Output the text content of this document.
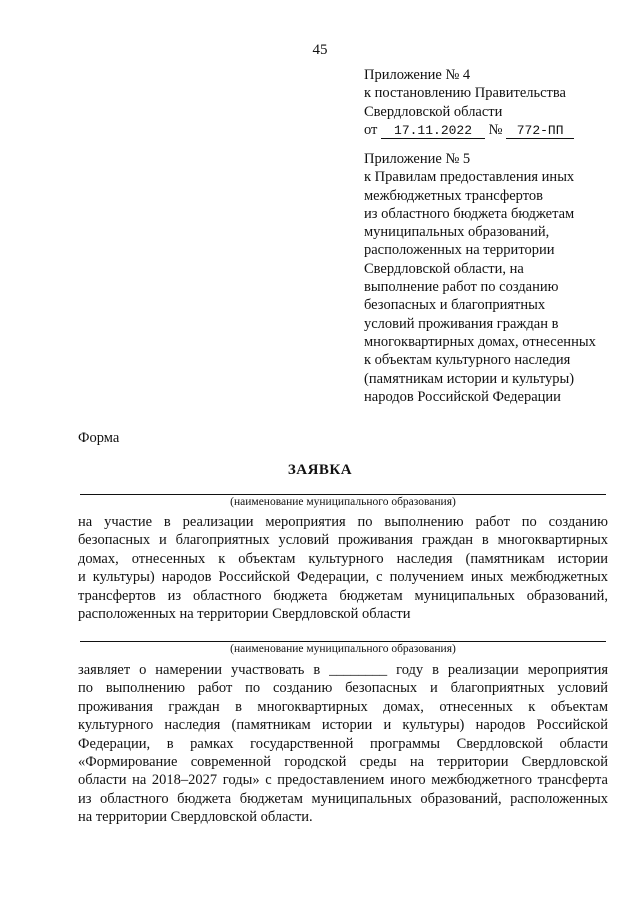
45
Приложение № 4
к постановлению Правительства
Свердловской области
от 17.11.2022 № 772-ПП
Приложение № 5
к Правилам предоставления иных
межбюджетных трансфертов
из областного бюджета бюджетам
муниципальных образований,
расположенных на территории
Свердловской области, на
выполнение работ по созданию
безопасных и благоприятных
условий проживания граждан в
многоквартирных домах, отнесенных
к объектам культурного наследия
(памятникам истории и культуры)
народов Российской Федерации
Форма
ЗАЯВКА
(наименование муниципального образования)
на участие в реализации мероприятия по выполнению работ по созданию
безопасных и благоприятных условий проживания граждан в многоквартирных
домах, отнесенных к объектам культурного наследия (памятникам истории
и культуры) народов Российской Федерации, с получением иных межбюджетных
трансфертов из областного бюджета бюджетам муниципальных образований,
расположенных на территории Свердловской области
(наименование муниципального образования)
заявляет о намерении участвовать в ________ году в реализации мероприятия
по выполнению работ по созданию безопасных и благоприятных условий
проживания граждан в многоквартирных домах, отнесенных к объектам
культурного наследия (памятникам истории и культуры) народов Российской
Федерации, в рамках государственной программы Свердловской области
«Формирование современной городской среды на территории Свердловской
области на 2018–2027 годы» с предоставлением иного межбюджетного трансферта
из областного бюджета бюджетам муниципальных образований, расположенных
на территории Свердловской области.
